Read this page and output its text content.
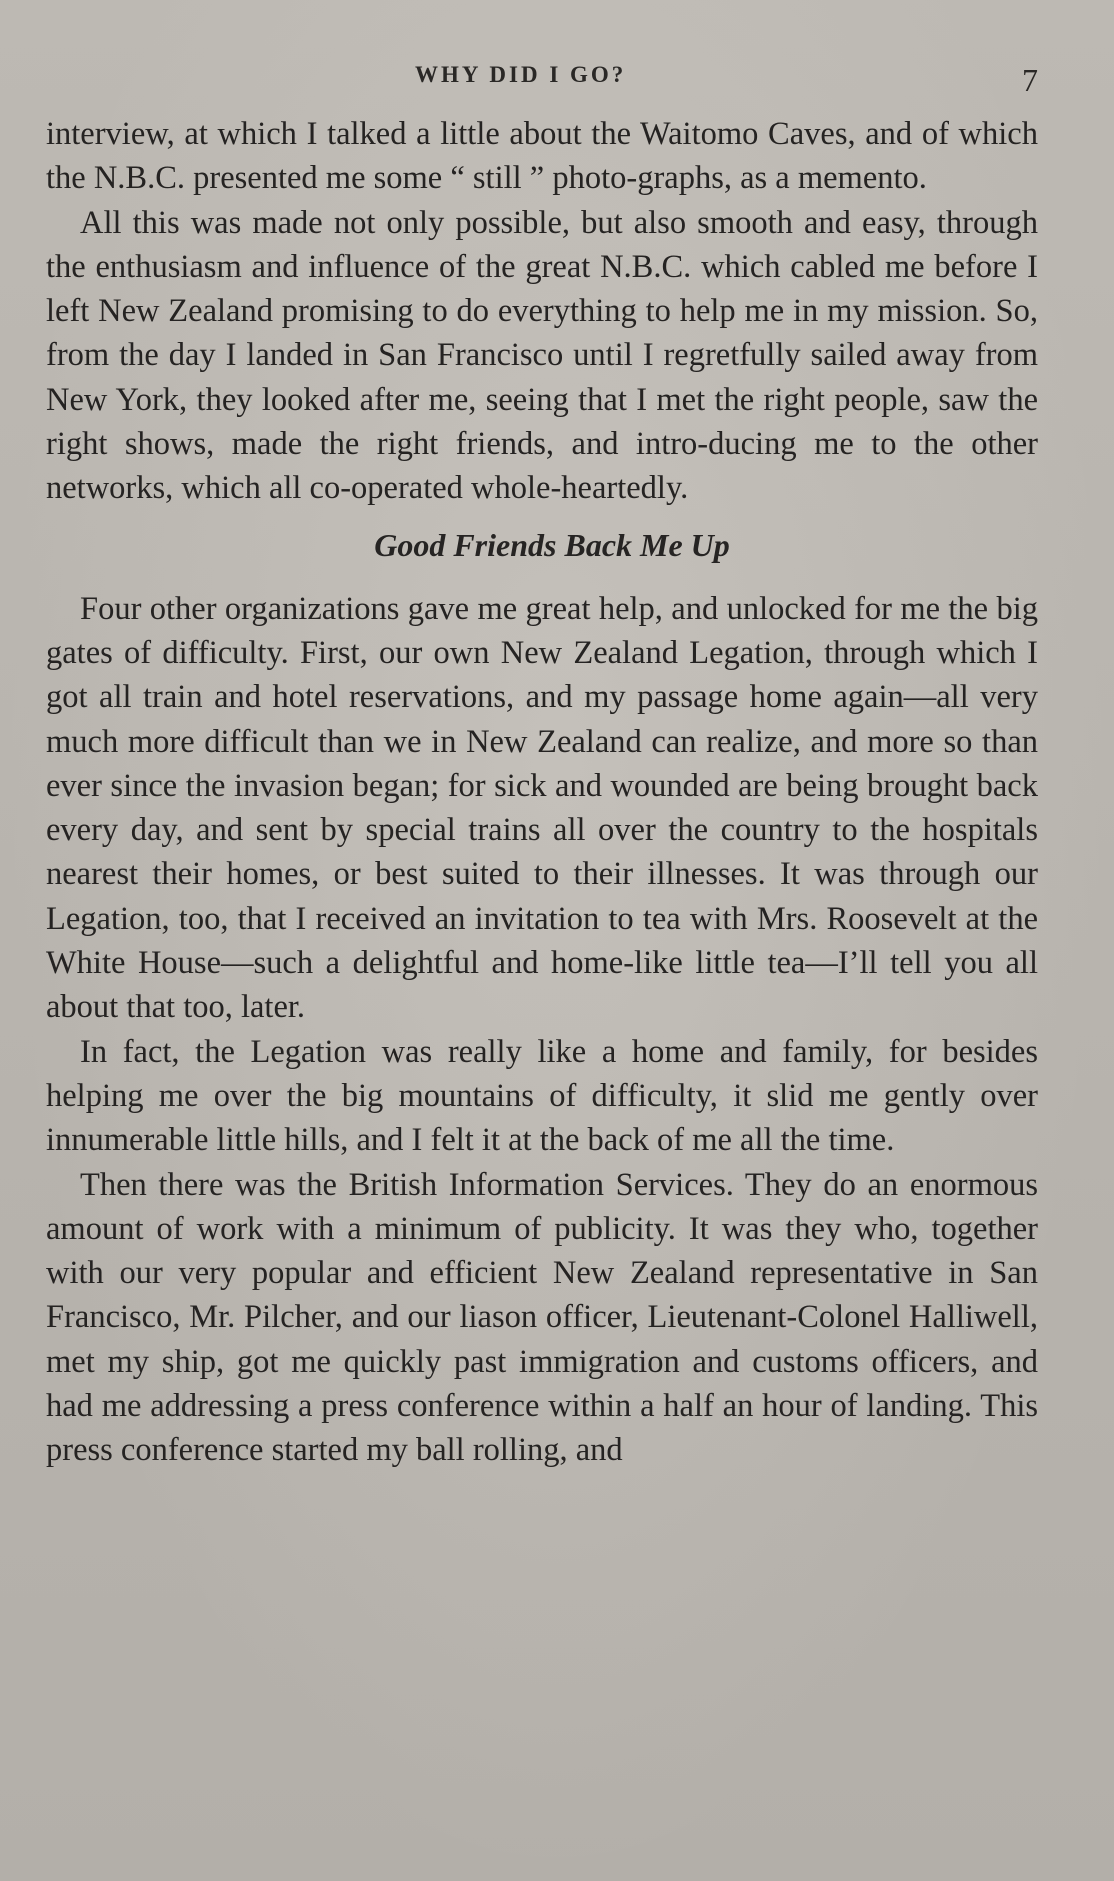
WHY DID I GO?	7

interview, at which I talked a little about the Waitomo Caves, and of which the N.B.C. presented me some “ still ” photo-graphs, as a memento.

All this was made not only possible, but also smooth and easy, through the enthusiasm and influence of the great N.B.C. which cabled me before I left New Zealand promising to do everything to help me in my mission. So, from the day I landed in San Francisco until I regretfully sailed away from New York, they looked after me, seeing that I met the right people, saw the right shows, made the right friends, and intro-ducing me to the other networks, which all co-operated whole-heartedly.

Good Friends Back Me Up

Four other organizations gave me great help, and unlocked for me the big gates of difficulty. First, our own New Zealand Legation, through which I got all train and hotel reservations, and my passage home again—all very much more difficult than we in New Zealand can realize, and more so than ever since the invasion began; for sick and wounded are being brought back every day, and sent by special trains all over the country to the hospitals nearest their homes, or best suited to their illnesses. It was through our Legation, too, that I received an invitation to tea with Mrs. Roosevelt at the White House—such a delightful and home-like little tea—I’ll tell you all about that too, later.

In fact, the Legation was really like a home and family, for besides helping me over the big mountains of difficulty, it slid me gently over innumerable little hills, and I felt it at the back of me all the time.

Then there was the British Information Services. They do an enormous amount of work with a minimum of publicity. It was they who, together with our very popular and efficient New Zealand representative in San Francisco, Mr. Pilcher, and our liason officer, Lieutenant-Colonel Halliwell, met my ship, got me quickly past immigration and customs officers, and had me addressing a press conference within a half an hour of landing. This press conference started my ball rolling, and
